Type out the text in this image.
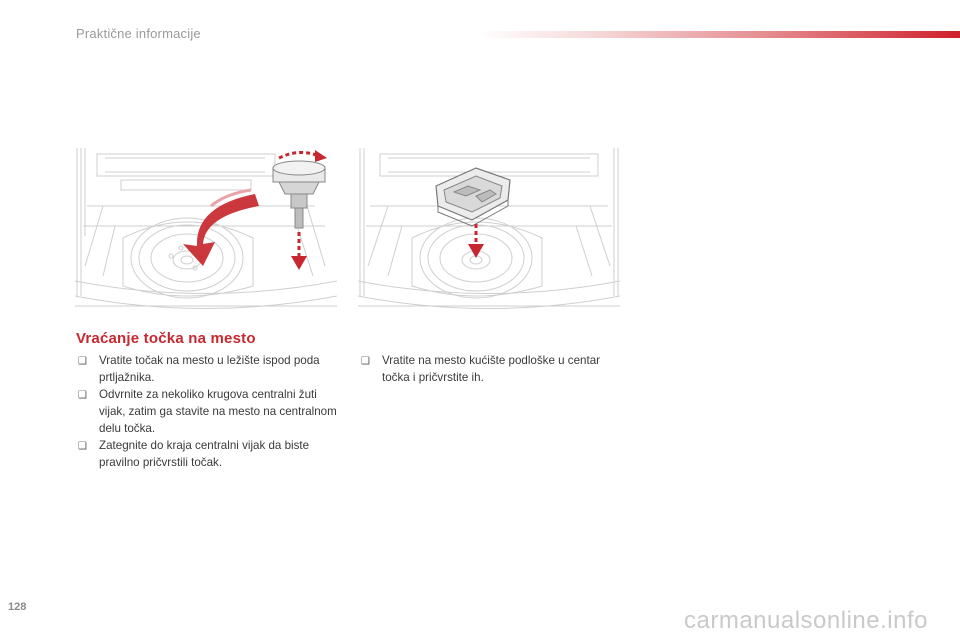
Praktične informacije
Vraćanje točka na mesto
❑ Vratite točak na mesto u ležište ispod poda prtljažnika.
❑ Odvrnite za nekoliko krugova centralni žuti vijak, zatim ga stavite na mesto na centralnom delu točka.
❑ Zategnite do kraja centralni vijak da biste pravilno pričvrstili točak.
❑ Vratite na mesto kućište podloške u centar točka i pričvrstite ih.
128	carmanualsonline.info
